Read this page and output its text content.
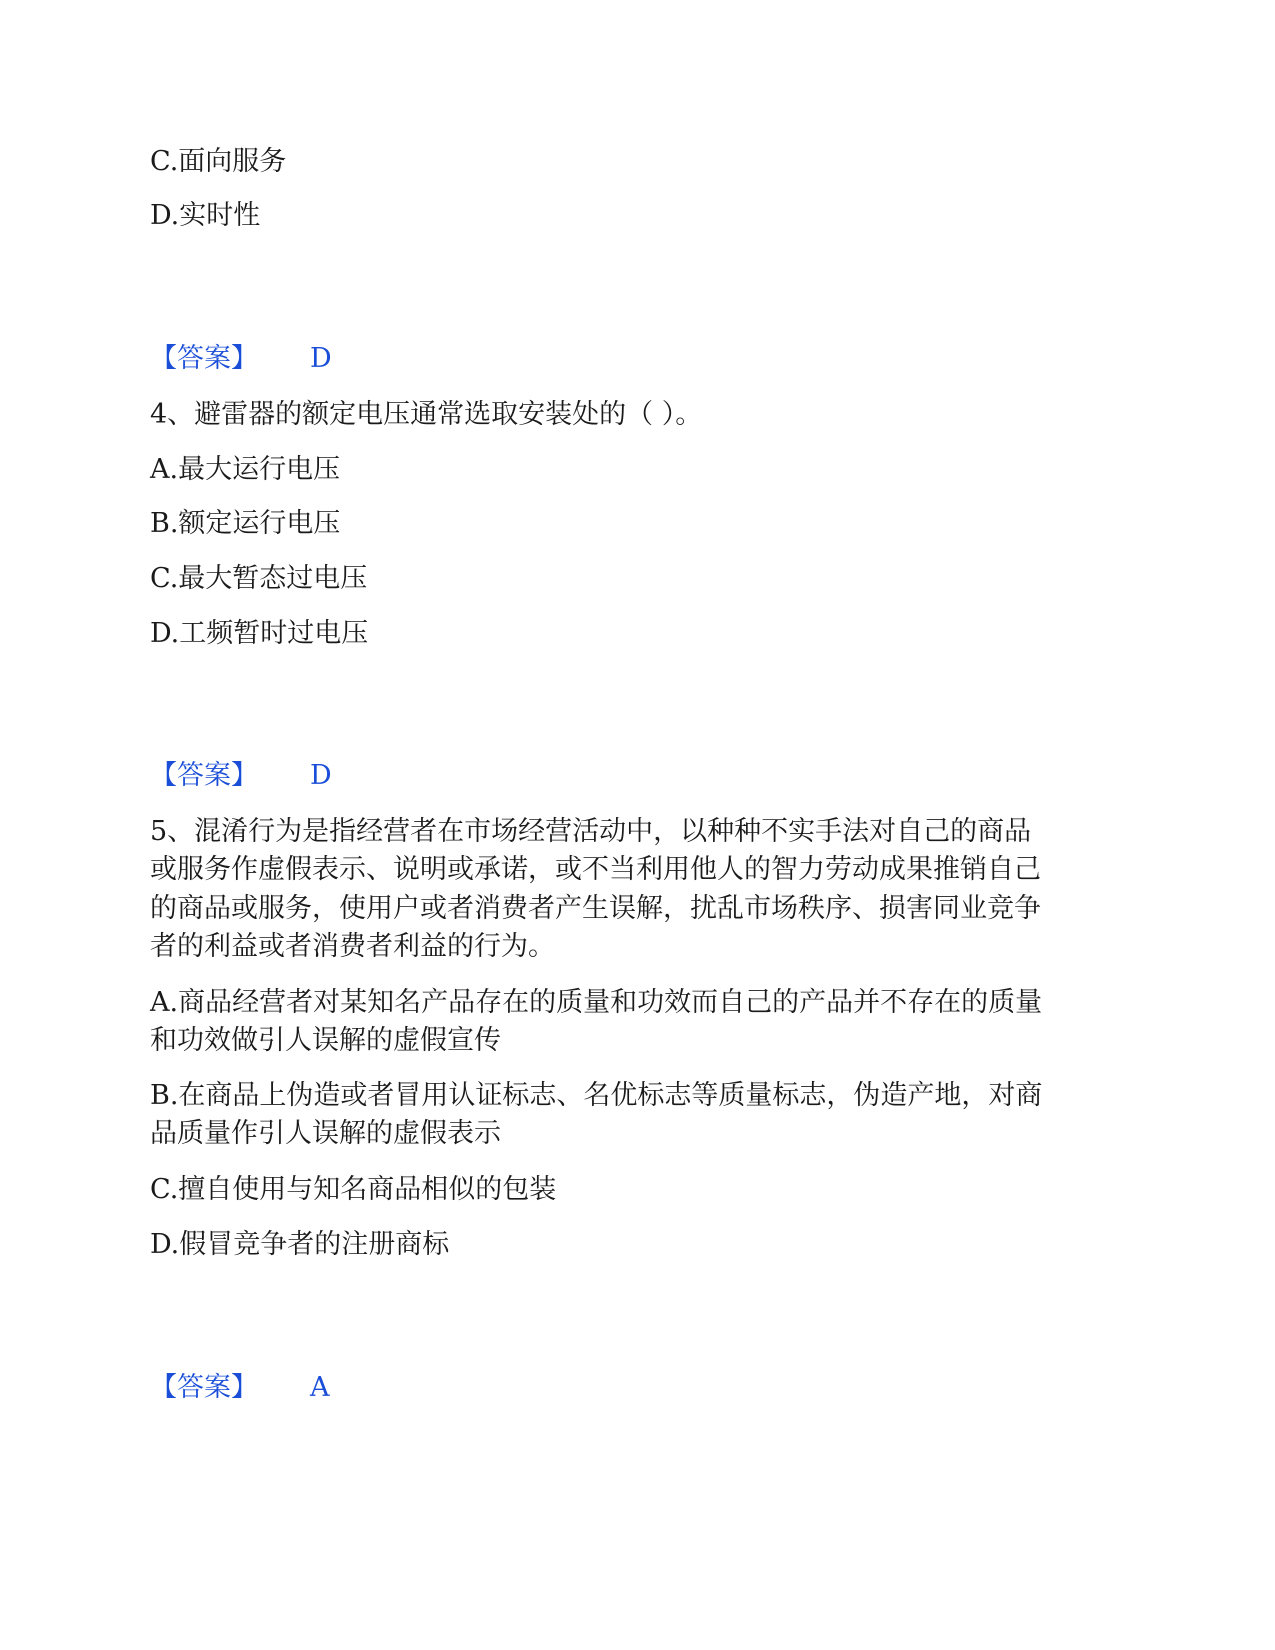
C.面向服务
D.实时性
【答案】 D
4、避雷器的额定电压通常选取安装处的（ ）。
A.最大运行电压
B.额定运行电压
C.最大暂态过电压
D.工频暂时过电压
【答案】 D
5、混淆行为是指经营者在市场经营活动中，以种种不实手法对自己的商品
或服务作虚假表示、说明或承诺，或不当利用他人的智力劳动成果推销自己
的商品或服务，使用户或者消费者产生误解，扰乱市场秩序、损害同业竞争
者的利益或者消费者利益的行为。
A.商品经营者对某知名产品存在的质量和功效而自己的产品并不存在的质量
和功效做引人误解的虚假宣传
B.在商品上伪造或者冒用认证标志、名优标志等质量标志，伪造产地，对商
品质量作引人误解的虚假表示
C.擅自使用与知名商品相似的包装
D.假冒竞争者的注册商标
【答案】 A
